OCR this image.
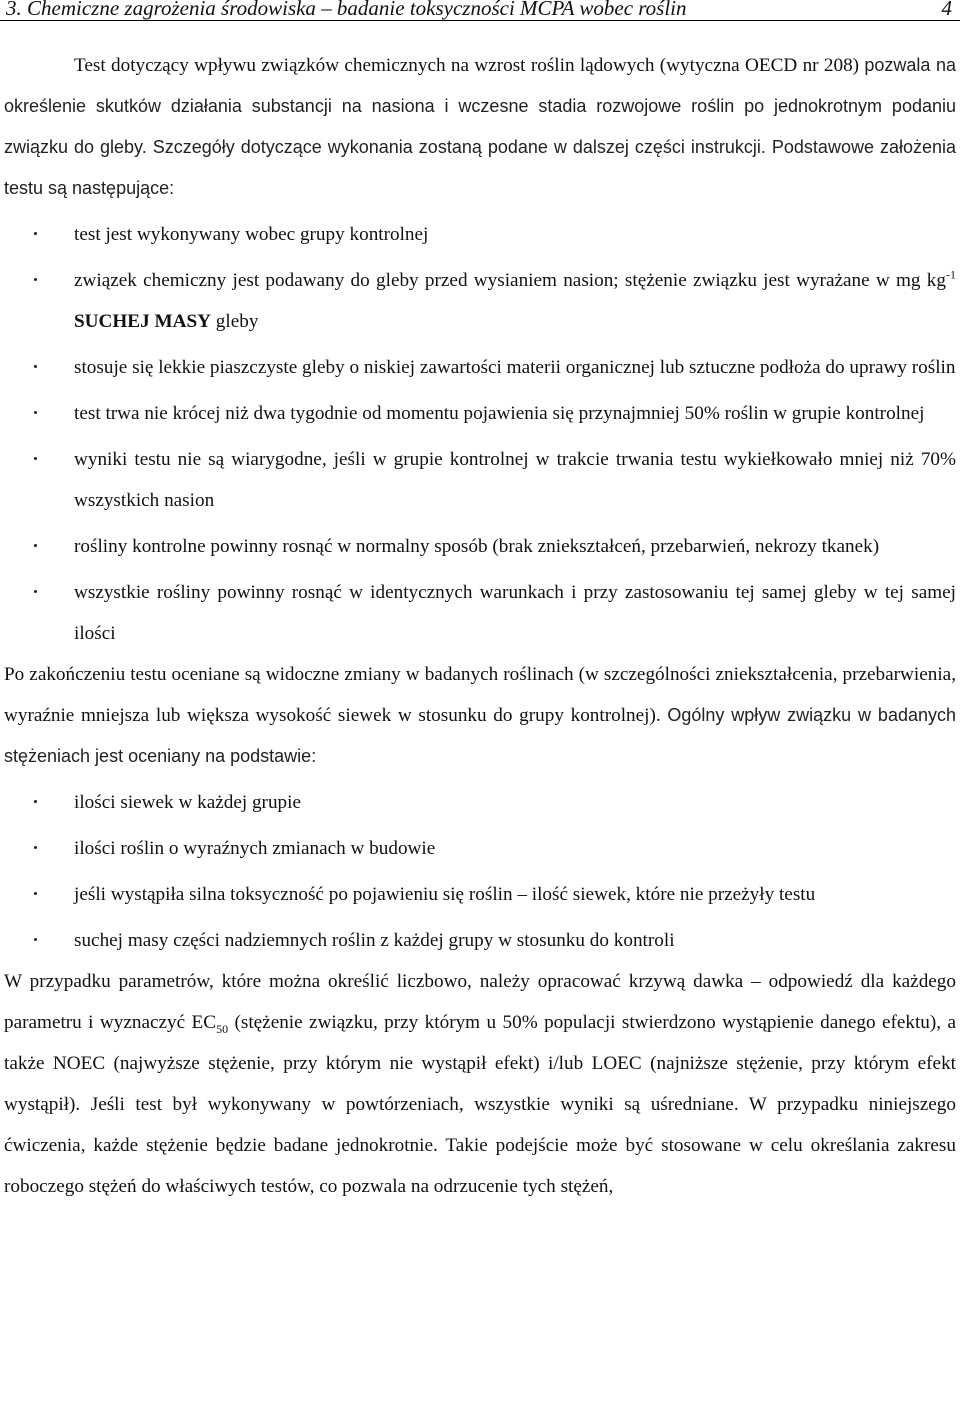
3. Chemiczne zagrożenia środowiska – badanie toksyczności MCPA wobec roślin	4

Test dotyczący wpływu związków chemicznych na wzrost roślin lądowych (wytyczna OECD nr 208) pozwala na określenie skutków działania substancji na nasiona i wczesne stadia rozwojowe roślin po jednokrotnym podaniu związku do gleby. Szczegóły dotyczące wykonania zostaną podane w dalszej części instrukcji. Podstawowe założenia testu są następujące:

test jest wykonywany wobec grupy kontrolnej
związek chemiczny jest podawany do gleby przed wysianiem nasion; stężenie związku jest wyrażane w mg $kg^{-1}$ SUCHEJ MASY gleby
stosuje się lekkie piaszczyste gleby o niskiej zawartości materii organicznej lub sztuczne podłoża do uprawy roślin
test trwa nie krócej niż dwa tygodnie od momentu pojawienia się przynajmniej 50% roślin w grupie kontrolnej
wyniki testu nie są wiarygodne, jeśli w grupie kontrolnej w trakcie trwania testu wykiełkowało mniej niż 70% wszystkich nasion
rośliny kontrolne powinny rosnąć w normalny sposób (brak zniekształceń, przebarwień, nekrozy tkanek)
wszystkie rośliny powinny rosnąć w identycznych warunkach i przy zastosowaniu tej samej gleby w tej samej ilości

Po zakończeniu testu oceniane są widoczne zmiany w badanych roślinach (w szczególności zniekształcenia, przebarwienia, wyraźnie mniejsza lub większa wysokość siewek w stosunku do grupy kontrolnej). Ogólny wpływ związku w badanych stężeniach jest oceniany na podstawie:

ilości siewek w każdej grupie
ilości roślin o wyraźnych zmianach w budowie
jeśli wystąpiła silna toksyczność po pojawieniu się roślin – ilość siewek, które nie przeżyły testu
suchej masy części nadziemnych roślin z każdej grupy w stosunku do kontroli

W przypadku parametrów, które można określić liczbowo, należy opracować krzywą dawka – odpowiedź dla każdego parametru i wyznaczyć $EC_{50}$ (stężenie związku, przy którym u 50% populacji stwierdzono wystąpienie danego efektu), a także NOEC (najwyższe stężenie, przy którym nie wystąpił efekt) i/lub LOEC (najniższe stężenie, przy którym efekt wystąpił). Jeśli test był wykonywany w powtórzeniach, wszystkie wyniki są uśredniane. W przypadku niniejszego ćwiczenia, każde stężenie będzie badane jednokrotnie. Takie podejście może być stosowane w celu określania zakresu roboczego stężeń do właściwych testów, co pozwala na odrzucenie tych stężeń,
